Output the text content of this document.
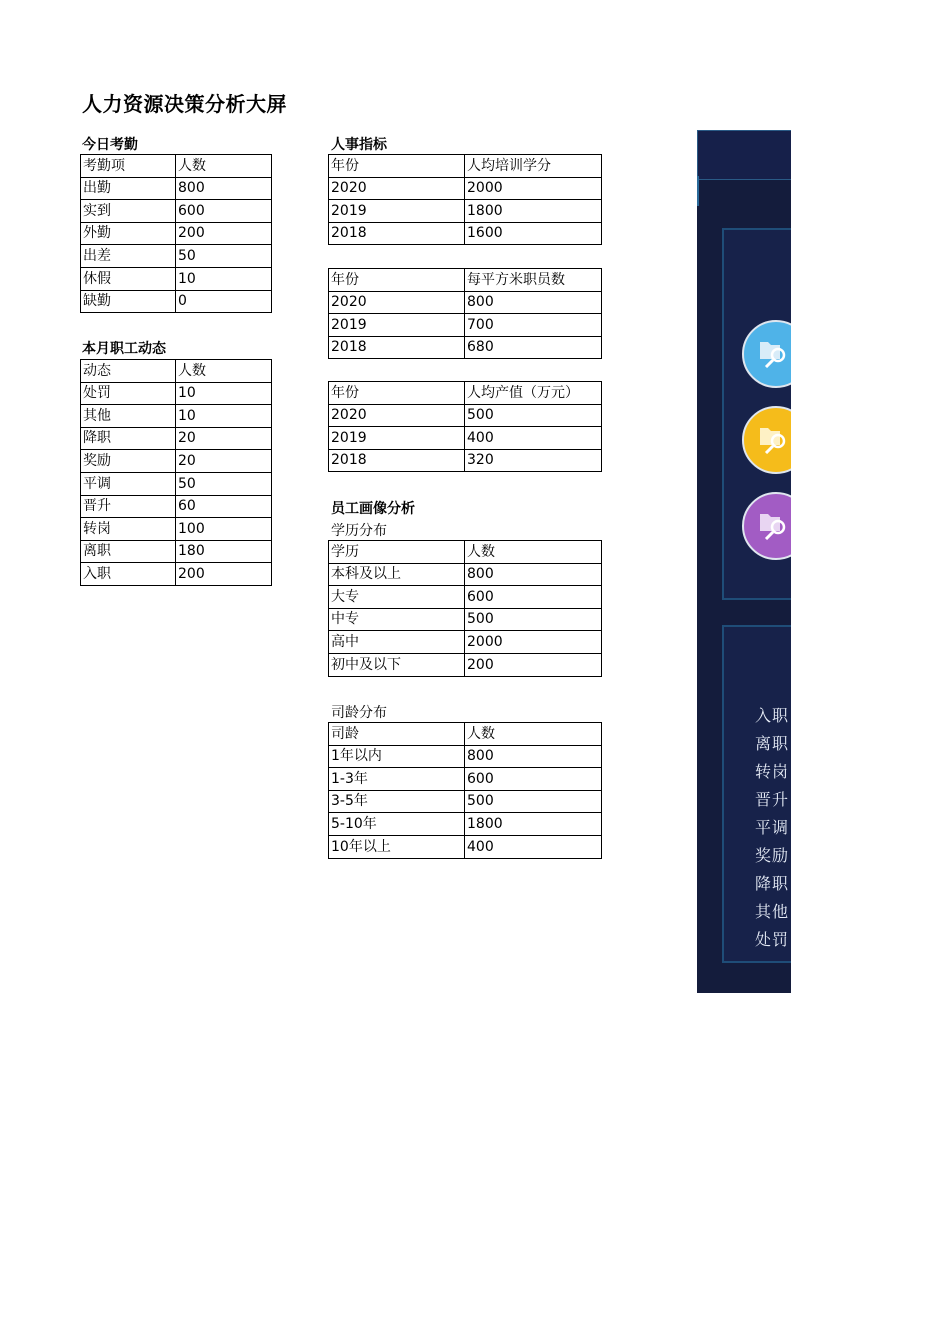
人力资源决策分析大屏
今日考勤
考勤项	人数
出勤	800
实到	600
外勤	200
出差	50
休假	10
缺勤	0
本月职工动态
动态	人数
处罚	10
其他	10
降职	20
奖励	20
平调	50
晋升	60
转岗	100
离职	180
入职	200
人事指标
年份	人均培训学分
2020	2000
2019	1800
2018	1600
年份	每平方米职员数
2020	800
2019	700
2018	680
年份	人均产值（万元）
2020	500
2019	400
2018	320
员工画像分析
学历分布
学历	人数
本科及以上	800
大专	600
中专	500
高中	2000
初中及以下	200
司龄分布
司龄	人数
1年以内	800
1-3年	600
3-5年	500
5-10年	1800
10年以上	400
入职
离职
转岗
晋升
平调
奖励
降职
其他
处罚
